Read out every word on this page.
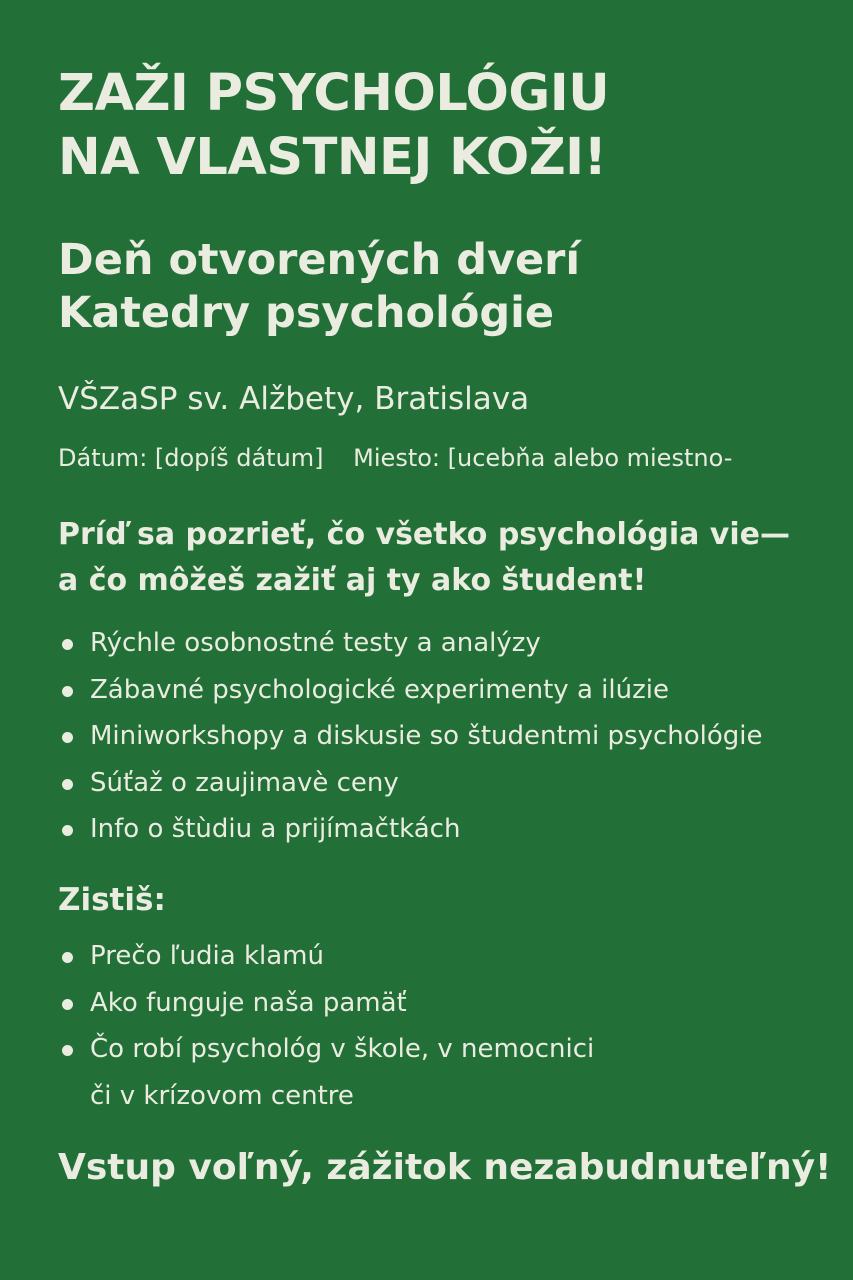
ZAŽI PSYCHOLÓGIU
NA VLASTNEJ KOŽI!
Deň otvorených dverí
Katedry psychológie
VŠZaSP sv. Alžbety, Bratislava
Dátum: [dopíš dátum] Miesto: [ucebňa alebo miestno-
Príď sa pozrieť, čo všetko psychológia vie—
a čo môžeš zažiť aj ty ako študent!
Rýchle osobnostné testy a analýzy
Zábavné psychologické experimenty a ilúzie
Miniworkshopy a diskusie so študentmi psychológie
Súťaž o zaujimavè ceny
Info o štùdiu a prijímačtkách
Zistiš:
Prečo ľudia klamú
Ako funguje naša pamäť
Čo robí psychológ v škole, v nemocnici
či v krízovom centre
Vstup voľný, zážitok nezabudnuteľný!
